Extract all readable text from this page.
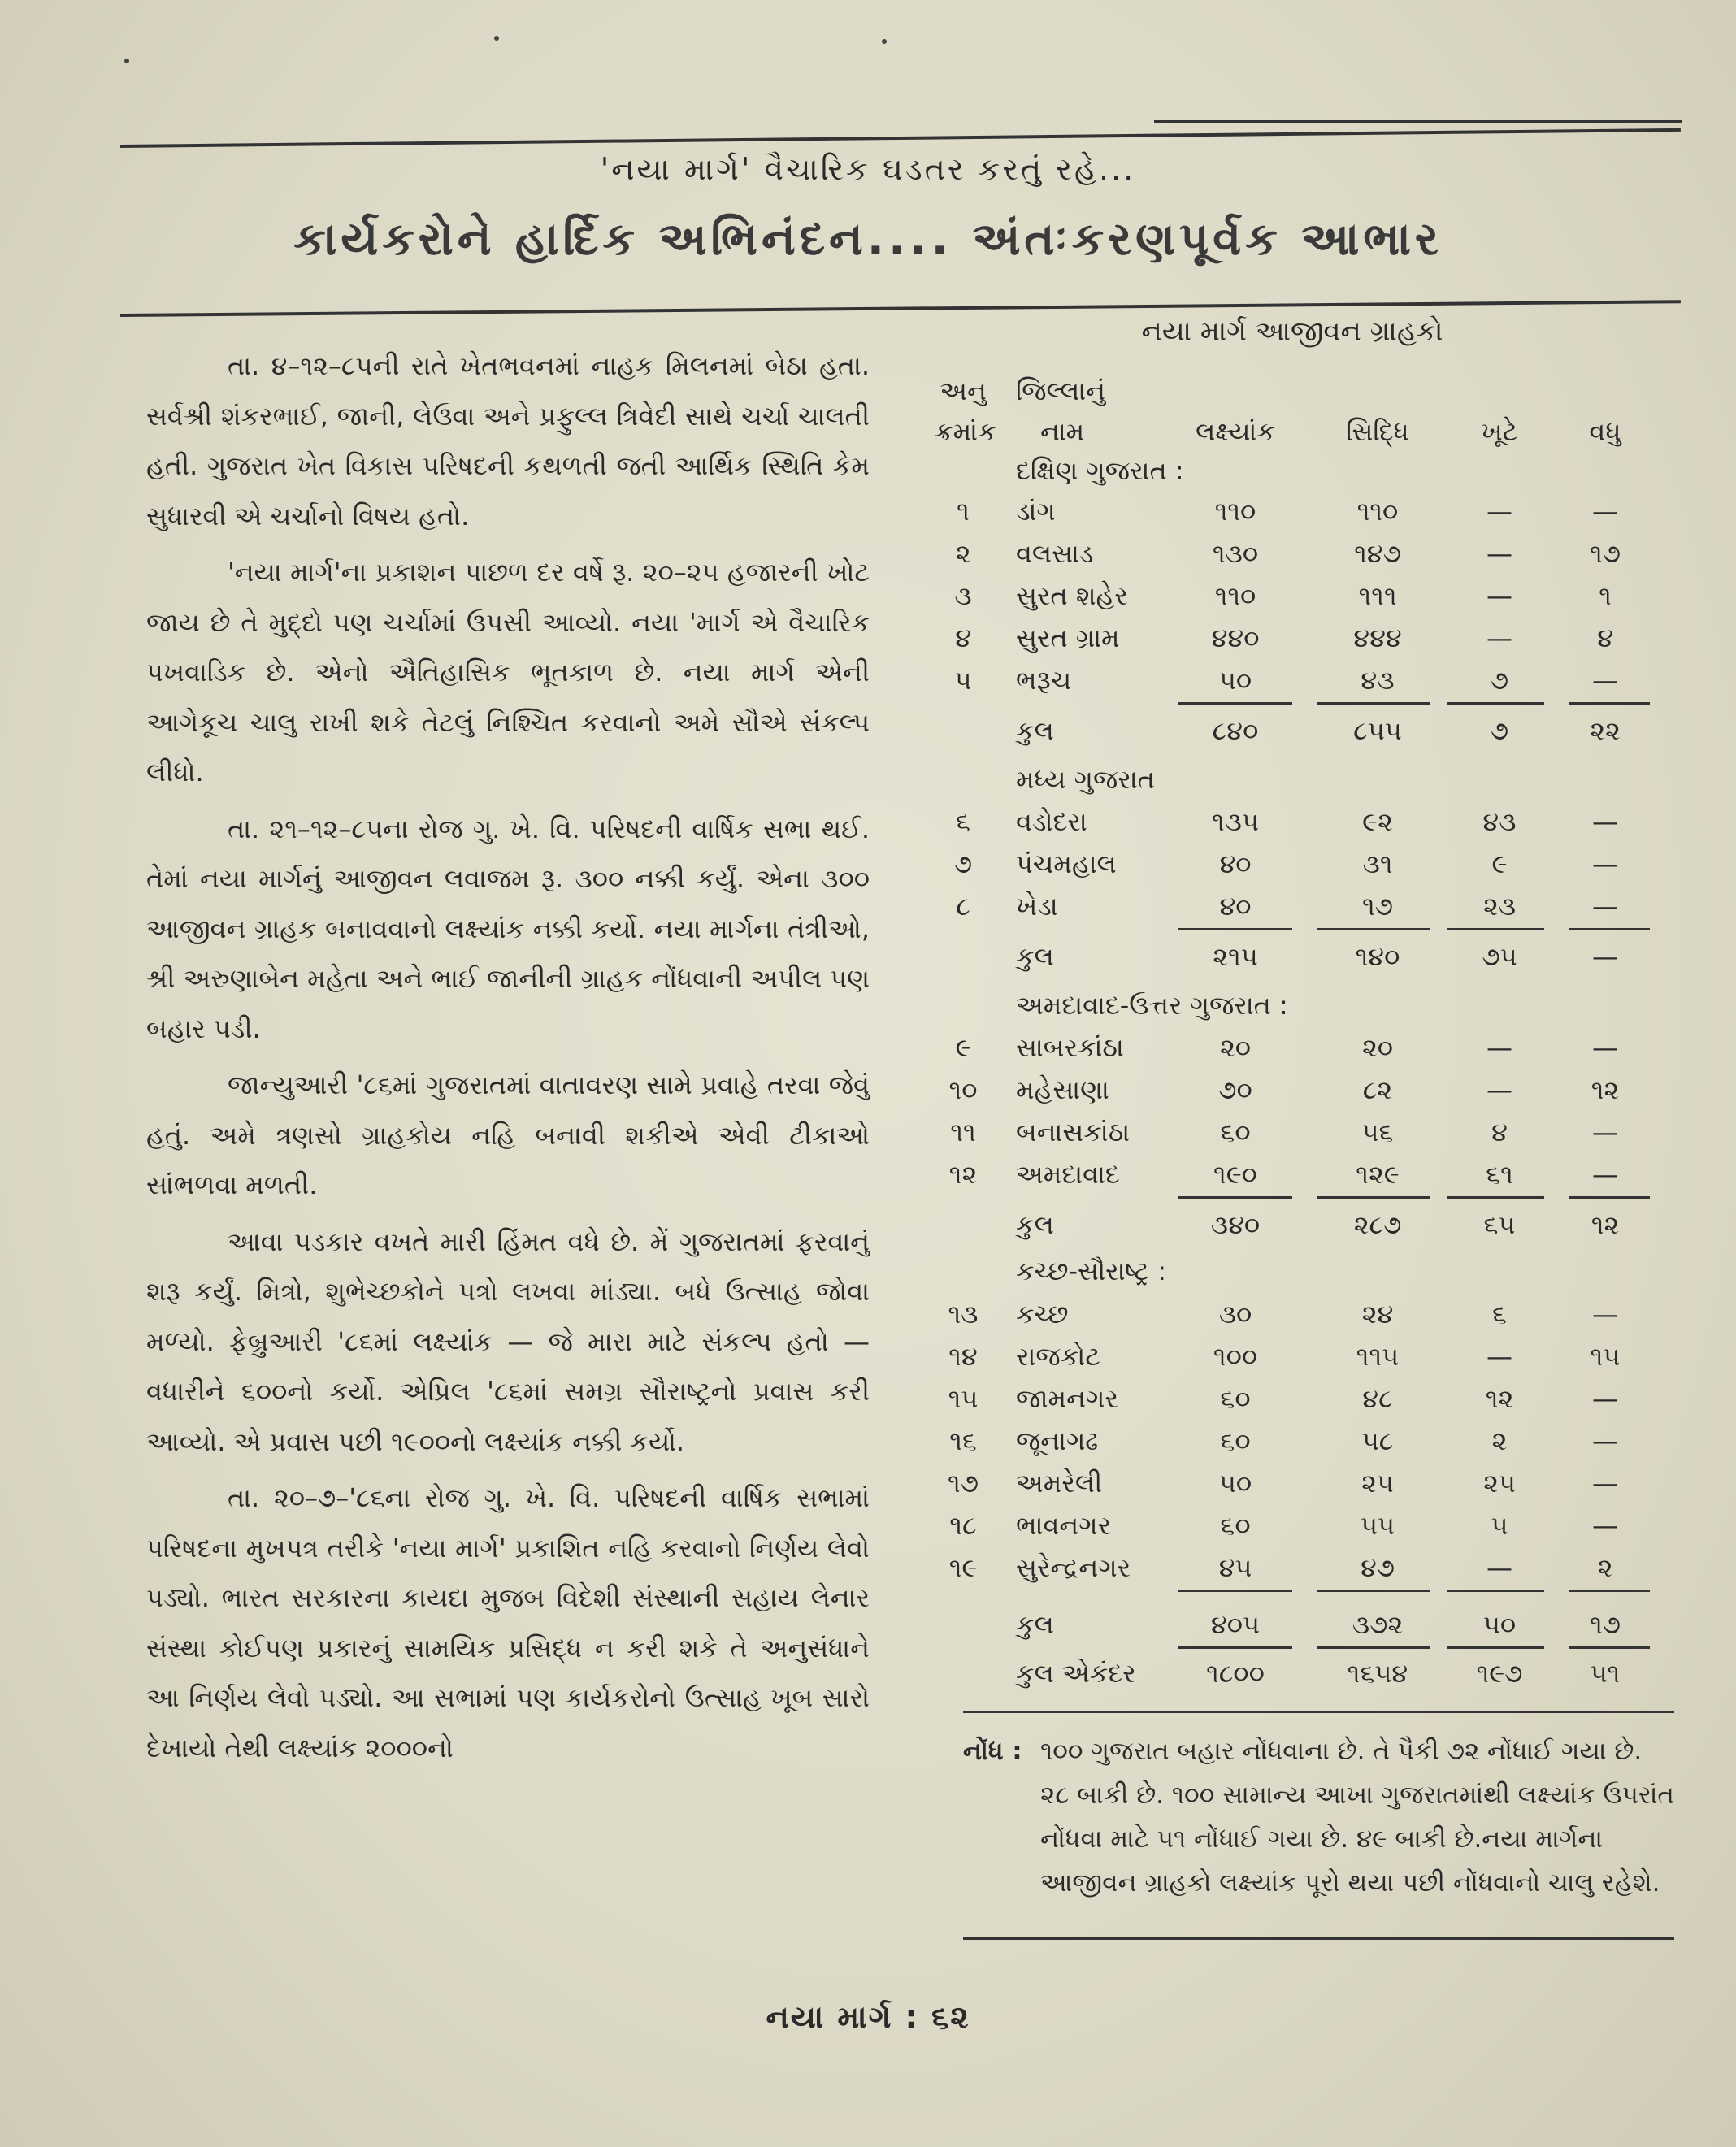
'નયા માર્ગ' વૈચારિક ઘડતર કરતું રહે...
કાર્યકરોને હાર્દિક અભિનંદન.... અંતઃકરણપૂર્વક આભાર

તા. ૪–૧૨–૮૫ની રાતે ખેતભવનમાં નાહક મિલનમાં બેઠા હતા. સર્વશ્રી શંકરભાઈ, જાની, લેઉવા અને પ્રફુલ્લ ત્રિવેદી સાથે ચર્ચા ચાલતી હતી. ગુજરાત ખેત વિકાસ પરિષદની કથળતી જતી આર્થિક સ્થિતિ કેમ સુધારવી એ ચર્ચાનો વિષય હતો.

'નયા માર્ગ'ના પ્રકાશન પાછળ દર વર્ષે રૂ. ૨૦–૨૫ હજારની ખોટ જાય છે તે મુદ્દો પણ ચર્ચામાં ઉપસી આવ્યો. નયા 'માર્ગ એ વૈચારિક પખવાડિક છે. એનો ઐતિહાસિક ભૂતકાળ છે. નયા માર્ગ એની આગેકૂચ ચાલુ રાખી શકે તેટલું નિશ્ચિત કરવાનો અમે સૌએ સંકલ્પ લીધો.

તા. ૨૧–૧૨–૮૫ના રોજ ગુ. ખે. વિ. પરિષદની વાર્ષિક સભા થઈ. તેમાં નયા માર્ગનું આજીવન લવાજમ રૂ. ૩૦૦ નક્કી કર્યું. એના ૩૦૦ આજીવન ગ્રાહક બનાવવાનો લક્ષ્યાંક નક્કી કર્યો. નયા માર્ગના તંત્રીઓ, શ્રી અરુણાબેન મહેતા અને ભાઈ જાનીની ગ્રાહક નોંધવાની અપીલ પણ બહાર પડી.

જાન્યુઆરી '૮૬માં ગુજરાતમાં વાતાવરણ સામે પ્રવાહે તરવા જેવું હતું. અમે ત્રણસો ગ્રાહકોય નહિ બનાવી શકીએ એવી ટીકાઓ સાંભળવા મળતી.

આવા પડકાર વખતે મારી હિંમત વધે છે. મેં ગુજરાતમાં ફરવાનું શરૂ કર્યું. મિત્રો, શુભેચ્છકોને પત્રો લખવા માંડ્યા. બધે ઉત્સાહ જોવા મળ્યો. ફેબ્રુઆરી '૮૬માં લક્ષ્યાંક — જે મારા માટે સંકલ્પ હતો — વધારીને ૬૦૦નો કર્યો. એપ્રિલ '૮૬માં સમગ્ર સૌરાષ્ટ્રનો પ્રવાસ કરી આવ્યો. એ પ્રવાસ પછી ૧૯૦૦નો લક્ષ્યાંક નક્કી કર્યો.

તા. ૨૦–૭–'૮૬ના રોજ ગુ. ખે. વિ. પરિષદની વાર્ષિક સભામાં પરિષદના મુખપત્ર તરીકે 'નયા માર્ગ' પ્રકાશિત નહિ કરવાનો નિર્ણય લેવો પડ્યો. ભારત સરકારના કાયદા મુજબ વિદેશી સંસ્થાની સહાય લેનાર સંસ્થા કોઈપણ પ્રકારનું સામયિક પ્રસિદ્ધ ન કરી શકે તે અનુસંધાને આ નિર્ણય લેવો પડ્યો. આ સભામાં પણ કાર્યકરોનો ઉત્સાહ ખૂબ સારો દેખાયો તેથી લક્ષ્યાંક ૨૦૦૦નો

નયા માર્ગ આજીવન ગ્રાહકો
અનુ જિલ્લાનું
ક્રમાંક	નામ	લક્ષ્યાંક	સિદ્ધિ	ખૂટે	વધુ
દક્ષિણ ગુજરાત :
મધ્ય ગુજરાત
અમદાવાદ-ઉત્તર ગુજરાત :
કચ્છ-સૌરાષ્ટ્ર :
૧	ડાંગ	૧૧૦	૧૧૦	—	—
૨	વલસાડ	૧૩૦	૧૪૭	—	૧૭
૩	સુરત શહેર	૧૧૦	૧૧૧	—	૧
૪	સુરત ગ્રામ	૪૪૦	૪૪૪	—	૪
૫	ભરૂચ	૫૦	૪૩	૭	—
કુલ	૮૪૦	૮૫૫	૭	૨૨
૬	વડોદરા	૧૩૫	૯૨	૪૩	—
૭	પંચમહાલ	૪૦	૩૧	૯	—
૮	ખેડા	૪૦	૧૭	૨૩	—
કુલ	૨૧૫	૧૪૦	૭૫	—
૯	સાબરકાંઠા	૨૦	૨૦	—	—
૧૦	મહેસાણા	૭૦	૮૨	—	૧૨
૧૧	બનાસકાંઠા	૬૦	૫૬	૪	—
૧૨	અમદાવાદ	૧૯૦	૧૨૯	૬૧	—
કુલ	૩૪૦	૨૮૭	૬૫	૧૨
૧૩	કચ્છ	૩૦	૨૪	૬	—
૧૪	રાજકોટ	૧૦૦	૧૧૫	—	૧૫
૧૫	જામનગર	૬૦	૪૮	૧૨	—
૧૬	જૂનાગઢ	૬૦	૫૮	૨	—
૧૭	અમરેલી	૫૦	૨૫	૨૫	—
૧૮	ભાવનગર	૬૦	૫૫	૫	—
૧૯	સુરેન્દ્રનગર	૪૫	૪૭	—	૨
કુલ	૪૦૫	૩૭૨	૫૦	૧૭
કુલ એકંદર	૧૮૦૦	૧૬૫૪	૧૯૭	૫૧
નોંધ : ૧૦૦ ગુજરાત બહાર નોંધવાના છે. તે પૈકી ૭૨ નોંધાઈ ગયા છે. ૨૮ બાકી છે. ૧૦૦ સામાન્ય આખા ગુજરાતમાંથી લક્ષ્યાંક ઉપરાંત નોંધવા માટે ૫૧ નોંધાઈ ગયા છે. ૪૯ બાકી છે.નયા માર્ગના આજીવન ગ્રાહકો લક્ષ્યાંક પૂરો થયા પછી નોંધવાનો ચાલુ રહેશે.
નયા માર્ગ : ૬૨
